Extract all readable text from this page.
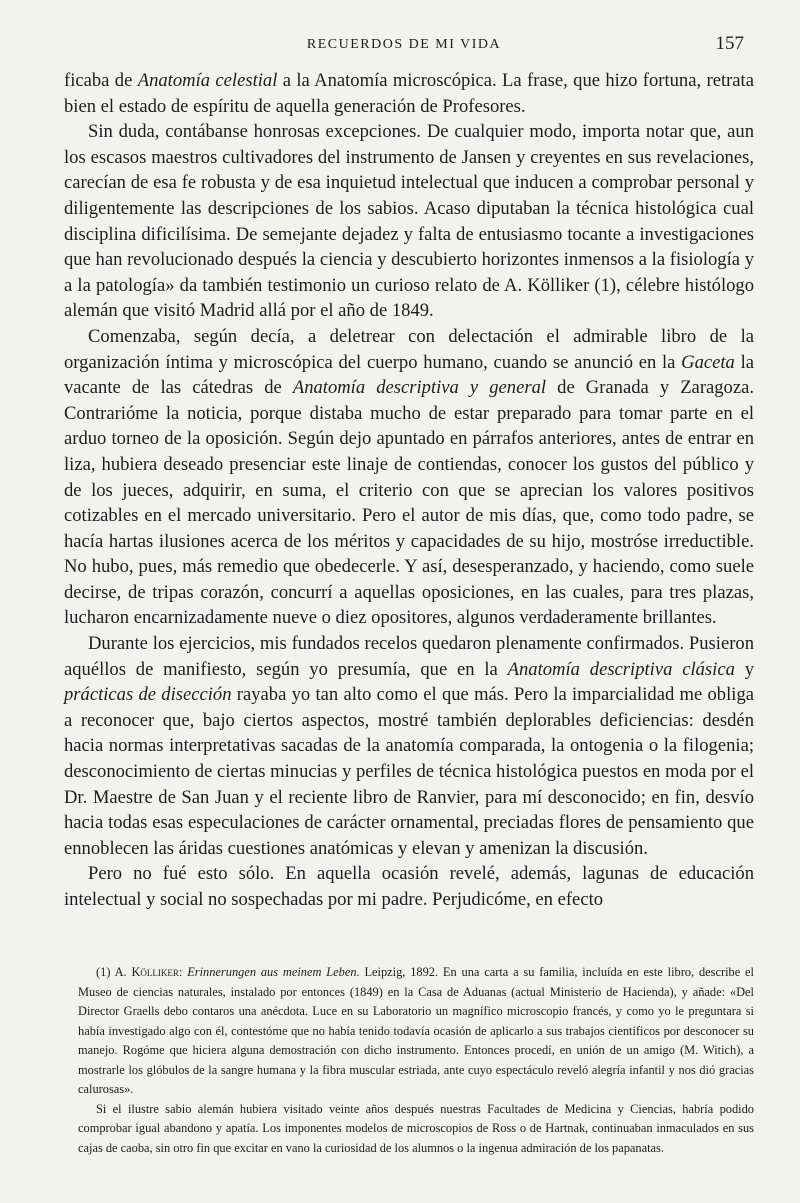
RECUERDOS DE MI VIDA	157

ficaba de Anatomía celestial a la Anatomía microscópica. La frase, que hizo fortuna, retrata bien el estado de espíritu de aquella generación de Profesores.

Sin duda, contábanse honrosas excepciones. De cualquier modo, importa notar que, aun los escasos maestros cultivadores del instrumento de Jansen y creyentes en sus revelaciones, carecían de esa fe robusta y de esa inquietud intelectual que inducen a comprobar personal y diligentemente las descripciones de los sabios. Acaso diputaban la técnica histológica cual disciplina dificilísima. De semejante dejadez y falta de entusiasmo tocante a investigaciones que han revolucionado después la ciencia y descubierto horizontes inmensos a la fisiología y a la patología» da también testimonio un curioso relato de A. Kölliker (1), célebre histólogo alemán que visitó Madrid allá por el año de 1849.

Comenzaba, según decía, a deletrear con delectación el admirable libro de la organización íntima y microscópica del cuerpo humano, cuando se anunció en la Gaceta la vacante de las cátedras de Anatomía descriptiva y general de Granada y Zaragoza. Contrarióme la noticia, porque distaba mucho de estar preparado para tomar parte en el arduo torneo de la oposición. Según dejo apuntado en párrafos anteriores, antes de entrar en liza, hubiera deseado presenciar este linaje de contiendas, conocer los gustos del público y de los jueces, adquirir, en suma, el criterio con que se aprecian los valores positivos cotizables en el mercado universitario. Pero el autor de mis días, que, como todo padre, se hacía hartas ilusiones acerca de los méritos y capacidades de su hijo, mostróse irreductible. No hubo, pues, más remedio que obedecerle. Y así, desesperanzado, y haciendo, como suele decirse, de tripas corazón, concurrí a aquellas oposiciones, en las cuales, para tres plazas, lucharon encarnizadamente nueve o diez opositores, algunos verdaderamente brillantes.

Durante los ejercicios, mis fundados recelos quedaron plenamente confirmados. Pusieron aquéllos de manifiesto, según yo presumía, que en la Anatomía descriptiva clásica y prácticas de disección rayaba yo tan alto como el que más. Pero la imparcialidad me obliga a reconocer que, bajo ciertos aspectos, mostré también deplorables deficiencias: desdén hacia normas interpretativas sacadas de la anatomía comparada, la ontogenia o la filogenia; desconocimiento de ciertas minucias y perfiles de técnica histológica puestos en moda por el Dr. Maestre de San Juan y el reciente libro de Ranvier, para mí desconocido; en fin, desvío hacia todas esas especulaciones de carácter ornamental, preciadas flores de pensamiento que ennoblecen las áridas cuestiones anatómicas y elevan y amenizan la discusión.

Pero no fué esto sólo. En aquella ocasión revelé, además, lagunas de educación intelectual y social no sospechadas por mi padre. Perjudicóme, en efecto

(1) A. Kölliker: Erinnerungen aus meinem Leben. Leipzig, 1892. En una carta a su familia, incluída en este libro, describe el Museo de ciencias naturales, instalado por entonces (1849) en la Casa de Aduanas (actual Ministerio de Hacienda), y añade: «Del Director Graells debo contaros una anécdota. Luce en su Laboratorio un magnífico microscopio francés, y como yo le preguntara si había investigado algo con él, contestóme que no había tenido todavía ocasión de aplicarlo a sus trabajos científicos por desconocer su manejo. Rogóme que hiciera alguna demostración con dicho instrumento. Entonces procedí, en unión de un amigo (M. Witich), a mostrarle los glóbulos de la sangre humana y la fibra muscular estriada, ante cuyo espectáculo reveló alegría infantil y nos dió gracias calurosas».

Si el ilustre sabio alemán hubiera visitado veinte años después nuestras Facultades de Medicina y Ciencias, habría podido comprobar igual abandono y apatía. Los imponentes modelos de microscopios de Ross o de Hartnak, continuaban inmaculados en sus cajas de caoba, sin otro fin que excitar en vano la curiosidad de los alumnos o la ingenua admiración de los papanatas.
